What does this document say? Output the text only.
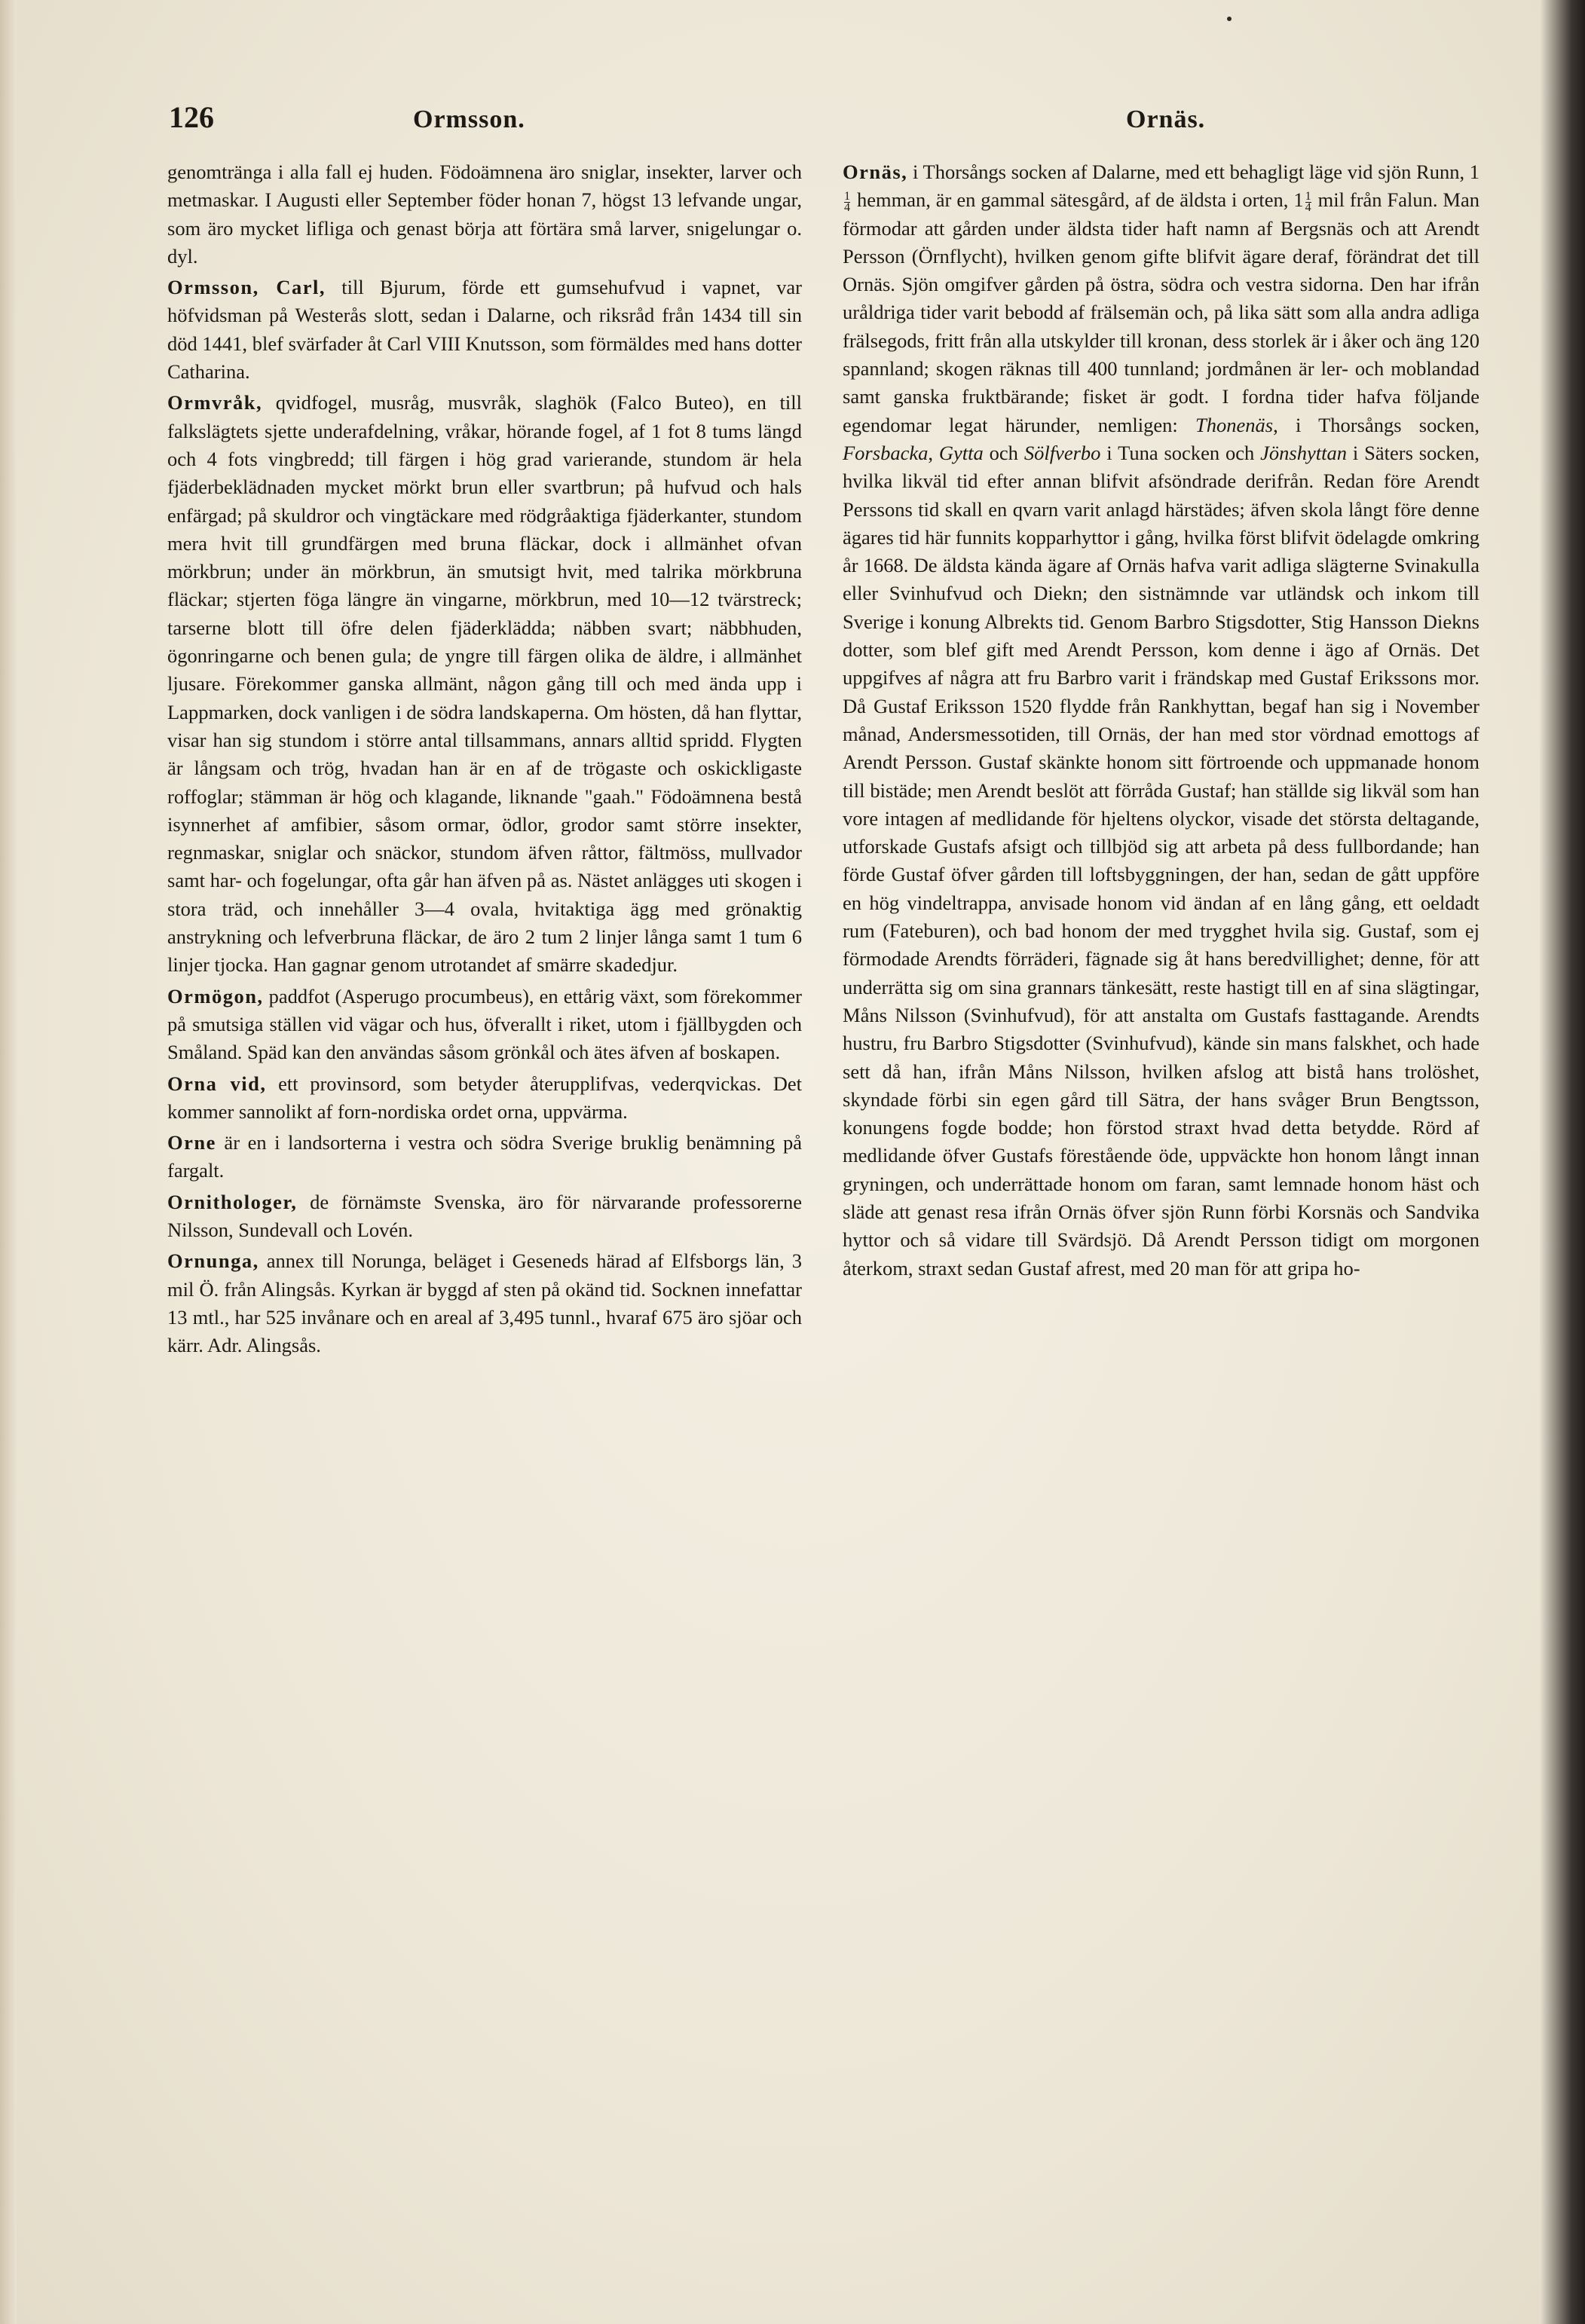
126	Ormsson.	Ornäs.

genomtränga i alla fall ej huden. Födoämnena äro sniglar, insekter, larver och metmaskar. I Augusti eller September föder honan 7, högst 13 lefvande ungar, som äro mycket lifliga och genast börja att förtära små larver, snigelungar o. dyl.

Ormsson, Carl, till Bjurum, förde ett gumsehufvud i vapnet, var höfvidsman på Westerås slott, sedan i Dalarne, och riksråd från 1434 till sin död 1441, blef svärfader åt Carl VIII Knutsson, som förmäldes med hans dotter Catharina.

Ormvråk, qvidfogel, musråg, musvråk, slaghök (Falco Buteo), en till falkslägtets sjette underafdelning, vråkar, hörande fogel, af 1 fot 8 tums längd och 4 fots vingbredd; till färgen i hög grad varierande, stundom är hela fjäderbeklädnaden mycket mörkt brun eller svartbrun; på hufvud och hals enfärgad; på skuldror och vingtäckare med rödgråaktiga fjäderkanter, stundom mera hvit till grundfärgen med bruna fläckar, dock i allmänhet ofvan mörkbrun; under än mörkbrun, än smutsigt hvit, med talrika mörkbruna fläckar; stjerten föga längre än vingarne, mörkbrun, med 10—12 tvärstreck; tarserne blott till öfre delen fjäderklädda; näbben svart; näbbhuden, ögonringarne och benen gula; de yngre till färgen olika de äldre, i allmänhet ljusare. Förekommer ganska allmänt, någon gång till och med ända upp i Lappmarken, dock vanligen i de södra landskaperna. Om hösten, då han flyttar, visar han sig stundom i större antal tillsammans, annars alltid spridd. Flygten är långsam och trög, hvadan han är en af de trögaste och oskickligaste roffoglar; stämman är hög och klagande, liknande "gaah." Födoämnena bestå isynnerhet af amfibier, såsom ormar, ödlor, grodor samt större insekter, regnmaskar, sniglar och snäckor, stundom äfven råttor, fältmöss, mullvador samt har- och fogelungar, ofta går han äfven på as. Nästet anlägges uti skogen i stora träd, och innehåller 3—4 ovala, hvitaktiga ägg med grönaktig anstrykning och lefverbruna fläckar, de äro 2 tum 2 linjer långa samt 1 tum 6 linjer tjocka. Han gagnar genom utrotandet af smärre skadedjur.

Ormögon, paddfot (Asperugo procumbeus), en ettårig växt, som förekommer på smutsiga ställen vid vägar och hus, öfverallt i riket, utom i fjällbygden och Småland. Späd kan den användas såsom grönkål och ätes äfven af boskapen.

Orna vid, ett provinsord, som betyder återupplifvas, vederqvickas. Det kommer sannolikt af forn-nordiska ordet orna, uppvärma.

Orne är en i landsorterna i vestra och södra Sverige bruklig benämning på fargalt.

Ornithologer, de förnämste Svenska, äro för närvarande professorerne Nilsson, Sundevall och Lovén.

Ornunga, annex till Norunga, beläget i Geseneds härad af Elfsborgs län, 3 mil Ö. från Alingsås. Kyrkan är byggd af sten på okänd tid. Socknen innefattar 13 mtl., har 525 invånare och en areal af 3,495 tunnl., hvaraf 675 äro sjöar och kärr. Adr. Alingsås.

Ornäs, i Thorsångs socken af Dalarne, med ett behagligt läge vid sjön Runn, 1
$\frac{1}{4}$ hemman, är en gammal sätesgård, af de äldsta i orten, $1 \frac{1}{4}$ mil från Falun. Man förmodar att gården under äldsta tider haft namn af Bergsnäs och att Arendt Persson (Örnflycht), hvilken genom gifte blifvit ägare deraf, förändrat det till Ornäs. Sjön omgifver gården på östra, södra och vestra sidorna. Den har ifrån uråldriga tider varit bebodd af frälsemän och, på lika sätt som alla andra adliga frälsegods, fritt från alla utskylder till kronan, dess storlek är i åker och äng 120 spannland; skogen räknas till 400 tunnland; jordmånen är ler- och moblandad samt ganska fruktbärande; fisket är godt. I fordna tider hafva följande egendomar legat härunder, nemligen: Thonenäs, i Thorsångs socken, Forsbacka, Gytta och Sölfverbo i Tuna socken och Jönshyttan i Säters socken, hvilka likväl tid efter annan blifvit afsöndrade derifrån. Redan före Arendt Perssons tid skall en qvarn varit anlagd härstädes; äfven skola långt före denne ägares tid här funnits kopparhyttor i gång, hvilka först blifvit ödelagde omkring år 1668. De äldsta kända ägare af Ornäs hafva varit adliga slägterne Svinakulla eller Svinhufvud och Diekn; den sistnämnde var utländsk och inkom till Sverige i konung Albrekts tid. Genom Barbro Stigsdotter, Stig Hansson Diekns dotter, som blef gift med Arendt Persson, kom denne i ägo af Ornäs. Det uppgifves af några att fru Barbro varit i frändskap med Gustaf Erikssons mor. Då Gustaf Eriksson 1520 flydde från Rankhyttan, begaf han sig i November månad, Andersmessotiden, till Ornäs, der han med stor vördnad emottogs af Arendt Persson. Gustaf skänkte honom sitt förtroende och uppmanade honom till bistäde; men Arendt beslöt att förråda Gustaf; han ställde sig likväl som han vore intagen af medlidande för hjeltens olyckor, visade det största deltagande, utforskade Gustafs afsigt och tillbjöd sig att arbeta på dess fullbordande; han förde Gustaf öfver gården till loftsbyggningen, der han, sedan de gått uppföre en hög vindeltrappa, anvisade honom vid ändan af en lång gång, ett oeldadt rum (Fateburen), och bad honom der med trygghet hvila sig. Gustaf, som ej förmodade Arendts förräderi, fägnade sig åt hans beredvillighet; denne, för att underrätta sig om sina grannars tänkesätt, reste hastigt till en af sina slägtingar, Måns Nilsson (Svinhufvud), för att anstalta om Gustafs fasttagande. Arendts hustru, fru Barbro Stigsdotter (Svinhufvud), kände sin mans falskhet, och hade sett då han, ifrån Måns Nilsson, hvilken afslog att bistå hans trolöshet, skyndade förbi sin egen gård till Sätra, der hans svåger Brun Bengtsson, konungens fogde bodde; hon förstod straxt hvad detta betydde. Rörd af medlidande öfver Gustafs förestående öde, uppväckte hon honom långt innan gryningen, och underrättade honom om faran, samt lemnade honom häst och släde att genast resa ifrån Ornäs öfver sjön Runn förbi Korsnäs och Sandvika hyttor och så vidare till Svärdsjö. Då Arendt Persson tidigt om morgonen återkom, straxt sedan Gustaf afrest, med 20 man för att gripa ho-
